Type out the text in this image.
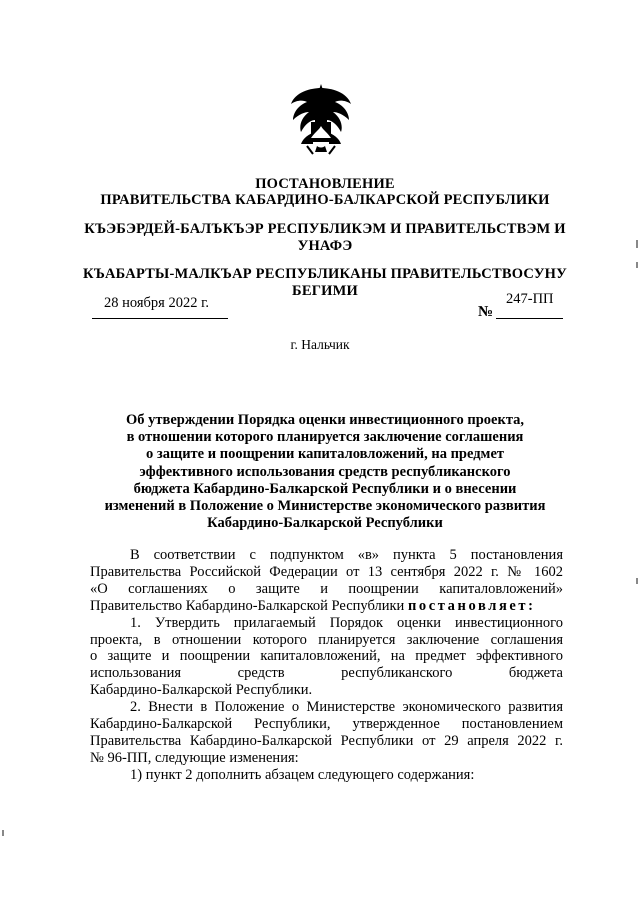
ПОСТАНОВЛЕНИЕ
ПРАВИТЕЛЬСТВА КАБАРДИНО-БАЛКАРСКОЙ РЕСПУБЛИКИ
КЪЭБЭРДЕЙ-БАЛЪКЪЭР РЕСПУБЛИКЭМ И ПРАВИТЕЛЬСТВЭМ И
УНАФЭ
КЪАБАРТЫ-МАЛКЪАР РЕСПУБЛИКАНЫ ПРАВИТЕЛЬСТВОСУНУ
БЕГИМИ
28 ноября 2022 г.
№
247-ПП
г. Нальчик
Об утверждении Порядка оценки инвестиционного проекта,
в отношении которого планируется заключение соглашения
о защите и поощрении капиталовложений, на предмет
эффективного использования средств республиканского
бюджета Кабардино-Балкарской Республики и о внесении
изменений в Положение о Министерстве экономического развития
Кабардино-Балкарской Республики

В соответствии с подпунктом «в» пункта 5 постановления
Правительства Российской Федерации от 13 сентября 2022 г. № 1602
«О соглашениях о защите и поощрении капиталовложений»
Правительство Кабардино-Балкарской Республики постановляет:

1. Утвердить прилагаемый Порядок оценки инвестиционного
проекта, в отношении которого планируется заключение соглашения
о защите и поощрении капиталовложений, на предмет эффективного
использования средств республиканского бюджета
Кабардино-Балкарской Республики.

2. Внести в Положение о Министерстве экономического развития
Кабардино-Балкарской Республики, утвержденное постановлением
Правительства Кабардино-Балкарской Республики от 29 апреля 2022 г.
№ 96-ПП, следующие изменения:

1) пункт 2 дополнить абзацем следующего содержания:
